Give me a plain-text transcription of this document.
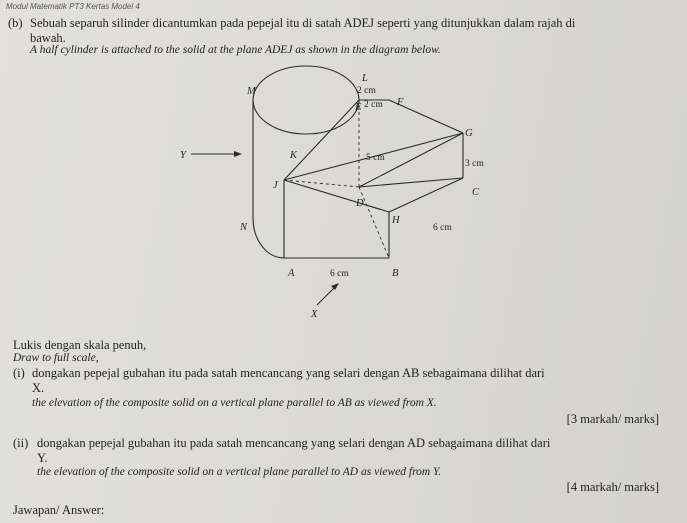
Modul Matematik PT3 Kertas Model 4
(b) Sebuah separuh silinder dicantumkan pada pepejal itu di satah ADEJ seperti yang ditunjukkan dalam rajah di
bawah.
A half cylinder is attached to the solid at the plane ADEJ as shown in the diagram below.
L
M
E	F
G
K
J
D
C
N
H
A	B
X
Y
2 cm
2 cm
5 cm
3 cm
6 cm
6 cm
Lukis dengan skala penuh,
Draw to full scale,
(i) dongakan pepejal gubahan itu pada satah mencancang yang selari dengan AB sebagaimana dilihat dari
X.
the elevation of the composite solid on a vertical plane parallel to AB as viewed from X.
[3 markah/ marks]
(ii) dongakan pepejal gubahan itu pada satah mencancang yang selari dengan AD sebagaimana dilihat dari
Y.
the elevation of the composite solid on a vertical plane parallel to AD as viewed from Y.
[4 markah/ marks]
Jawapan/ Answer:
